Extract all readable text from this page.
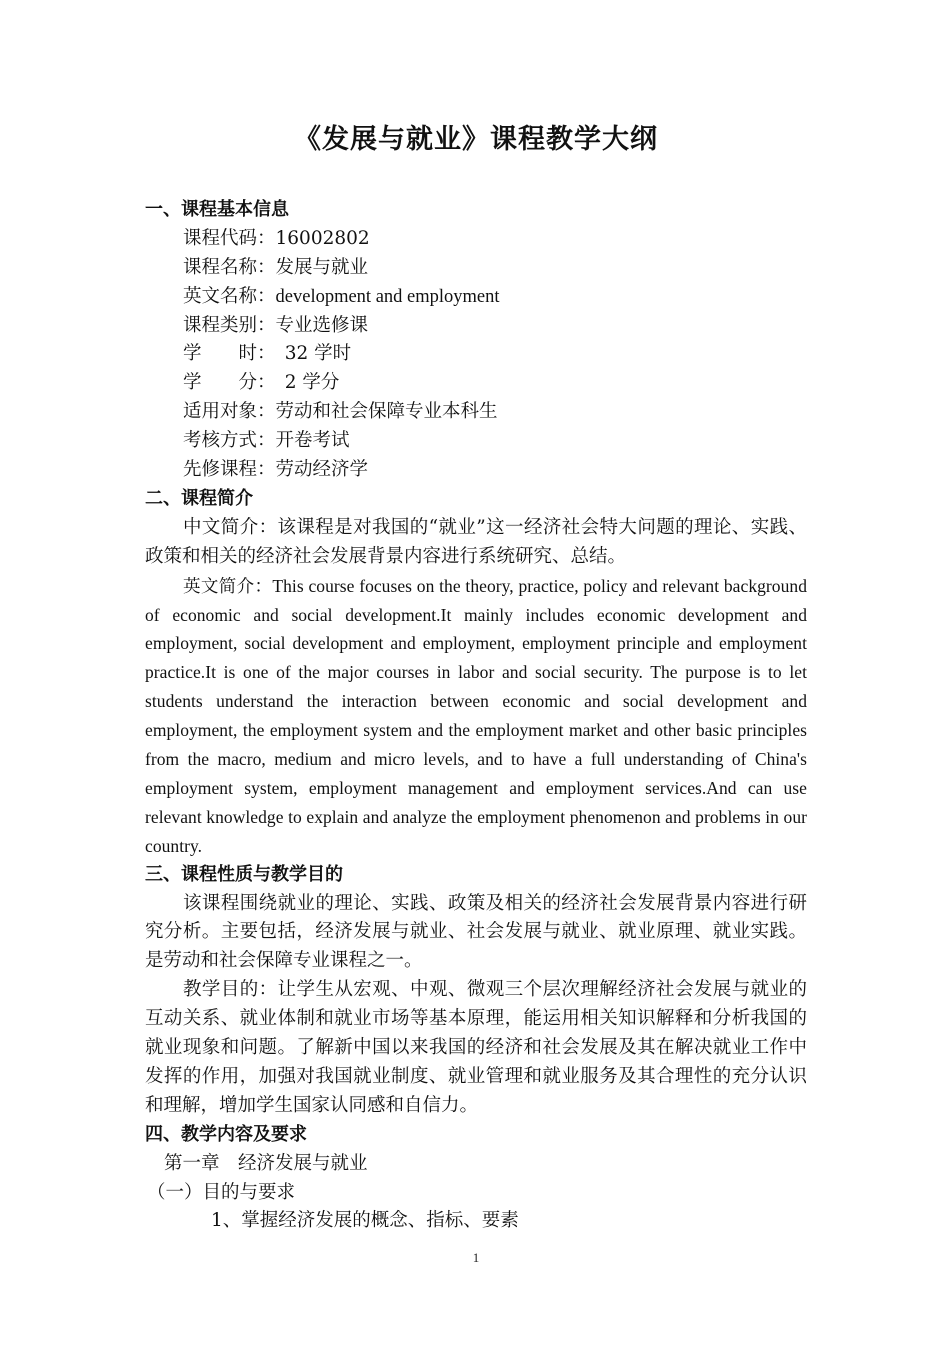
《发展与就业》课程教学大纲
一、课程基本信息
课程代码：16002802
课程名称：发展与就业
英文名称：development and employment
课程类别：专业选修课
学　　时：　32 学时
学　　分：　2 学分
适用对象：劳动和社会保障专业本科生
考核方式：开卷考试
先修课程：劳动经济学
二、课程简介
中文简介：该课程是对我国的“就业”这一经济社会特大问题的理论、实践、政策和相关的经济社会发展背景内容进行系统研究、总结。
英文简介：This course focuses on the theory, practice, policy and relevant background of economic and social development.It mainly includes economic development and employment, social development and employment, employment principle and employment practice.It is one of the major courses in labor and social security. The purpose is to let students understand the interaction between economic and social development and employment, the employment system and the employment market and other basic principles from the macro, medium and micro levels, and to have a full understanding of China's employment system, employment management and employment services.And can use relevant knowledge to explain and analyze the employment phenomenon and problems in our country.
三、课程性质与教学目的
该课程围绕就业的理论、实践、政策及相关的经济社会发展背景内容进行研究分析。主要包括，经济发展与就业、社会发展与就业、就业原理、就业实践。是劳动和社会保障专业课程之一。
教学目的：让学生从宏观、中观、微观三个层次理解经济社会发展与就业的互动关系、就业体制和就业市场等基本原理，能运用相关知识解释和分析我国的就业现象和问题。了解新中国以来我国的经济和社会发展及其在解决就业工作中发挥的作用，加强对我国就业制度、就业管理和就业服务及其合理性的充分认识和理解，增加学生国家认同感和自信力。
四、教学内容及要求
第一章　经济发展与就业
（一）目的与要求
1、掌握经济发展的概念、指标、要素
1
